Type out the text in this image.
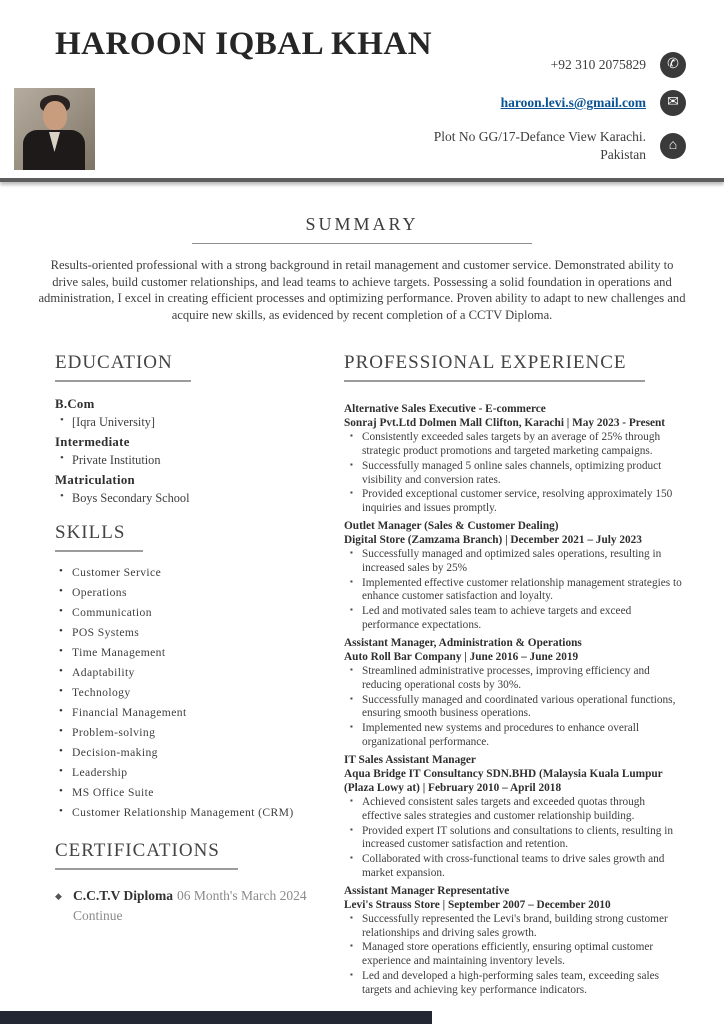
HAROON IQBAL KHAN
+92 310 2075829 ✆
haroon.levi.s@gmail.com ✉
Plot No GG/17-Defance View Karachi.
Pakistan
⌂
SUMMARY

Results-oriented professional with a strong background in retail management and customer service. Demonstrated ability to drive sales, build customer relationships, and lead teams to achieve targets. Possessing a solid foundation in operations and administration, I excel in creating efficient processes and optimizing performance. Proven ability to adapt to new challenges and acquire new skills, as evidenced by recent completion of a CCTV Diploma.

EDUCATION
B.Com
• [Iqra University]
Intermediate
• Private Institution
Matriculation
• Boys Secondary School
SKILLS
• Customer Service
• Operations
• Communication
• POS Systems
• Time Management
• Adaptability
• Technology
• Financial Management
• Problem-solving
• Decision-making
• Leadership
• MS Office Suite
• Customer Relationship Management (CRM)
CERTIFICATIONS
◆ C.C.T.V Diploma 06 Month's March 2024 Continue
PROFESSIONAL EXPERIENCE
Alternative Sales Executive - E-commerce
Sonraj Pvt.Ltd Dolmen Mall Clifton, Karachi | May 2023 - Present
▪ Consistently exceeded sales targets by an average of 25% through strategic product promotions and targeted marketing campaigns.
▪ Successfully managed 5 online sales channels, optimizing product visibility and conversion rates.
▪ Provided exceptional customer service, resolving approximately 150 inquiries and issues promptly.
Outlet Manager (Sales & Customer Dealing)
Digital Store (Zamzama Branch) | December 2021 – July 2023
▪ Successfully managed and optimized sales operations, resulting in increased sales by 25%
▪ Implemented effective customer relationship management strategies to enhance customer satisfaction and loyalty.
▪ Led and motivated sales team to achieve targets and exceed performance expectations.
Assistant Manager, Administration & Operations
Auto Roll Bar Company | June 2016 – June 2019
▪ Streamlined administrative processes, improving efficiency and reducing operational costs by 30%.
▪ Successfully managed and coordinated various operational functions, ensuring smooth business operations.
▪ Implemented new systems and procedures to enhance overall organizational performance.
IT Sales Assistant Manager
Aqua Bridge IT Consultancy SDN.BHD (Malaysia Kuala Lumpur (Plaza Lowy at) | February 2010 – April 2018
▪ Achieved consistent sales targets and exceeded quotas through effective sales strategies and customer relationship building.
▪ Provided expert IT solutions and consultations to clients, resulting in increased customer satisfaction and retention.
▪ Collaborated with cross-functional teams to drive sales growth and market expansion.
Assistant Manager Representative
Levi's Strauss Store | September 2007 – December 2010
▪ Successfully represented the Levi's brand, building strong customer relationships and driving sales growth.
▪ Managed store operations efficiently, ensuring optimal customer experience and maintaining inventory levels.
▪ Led and developed a high-performing sales team, exceeding sales targets and achieving key performance indicators.
